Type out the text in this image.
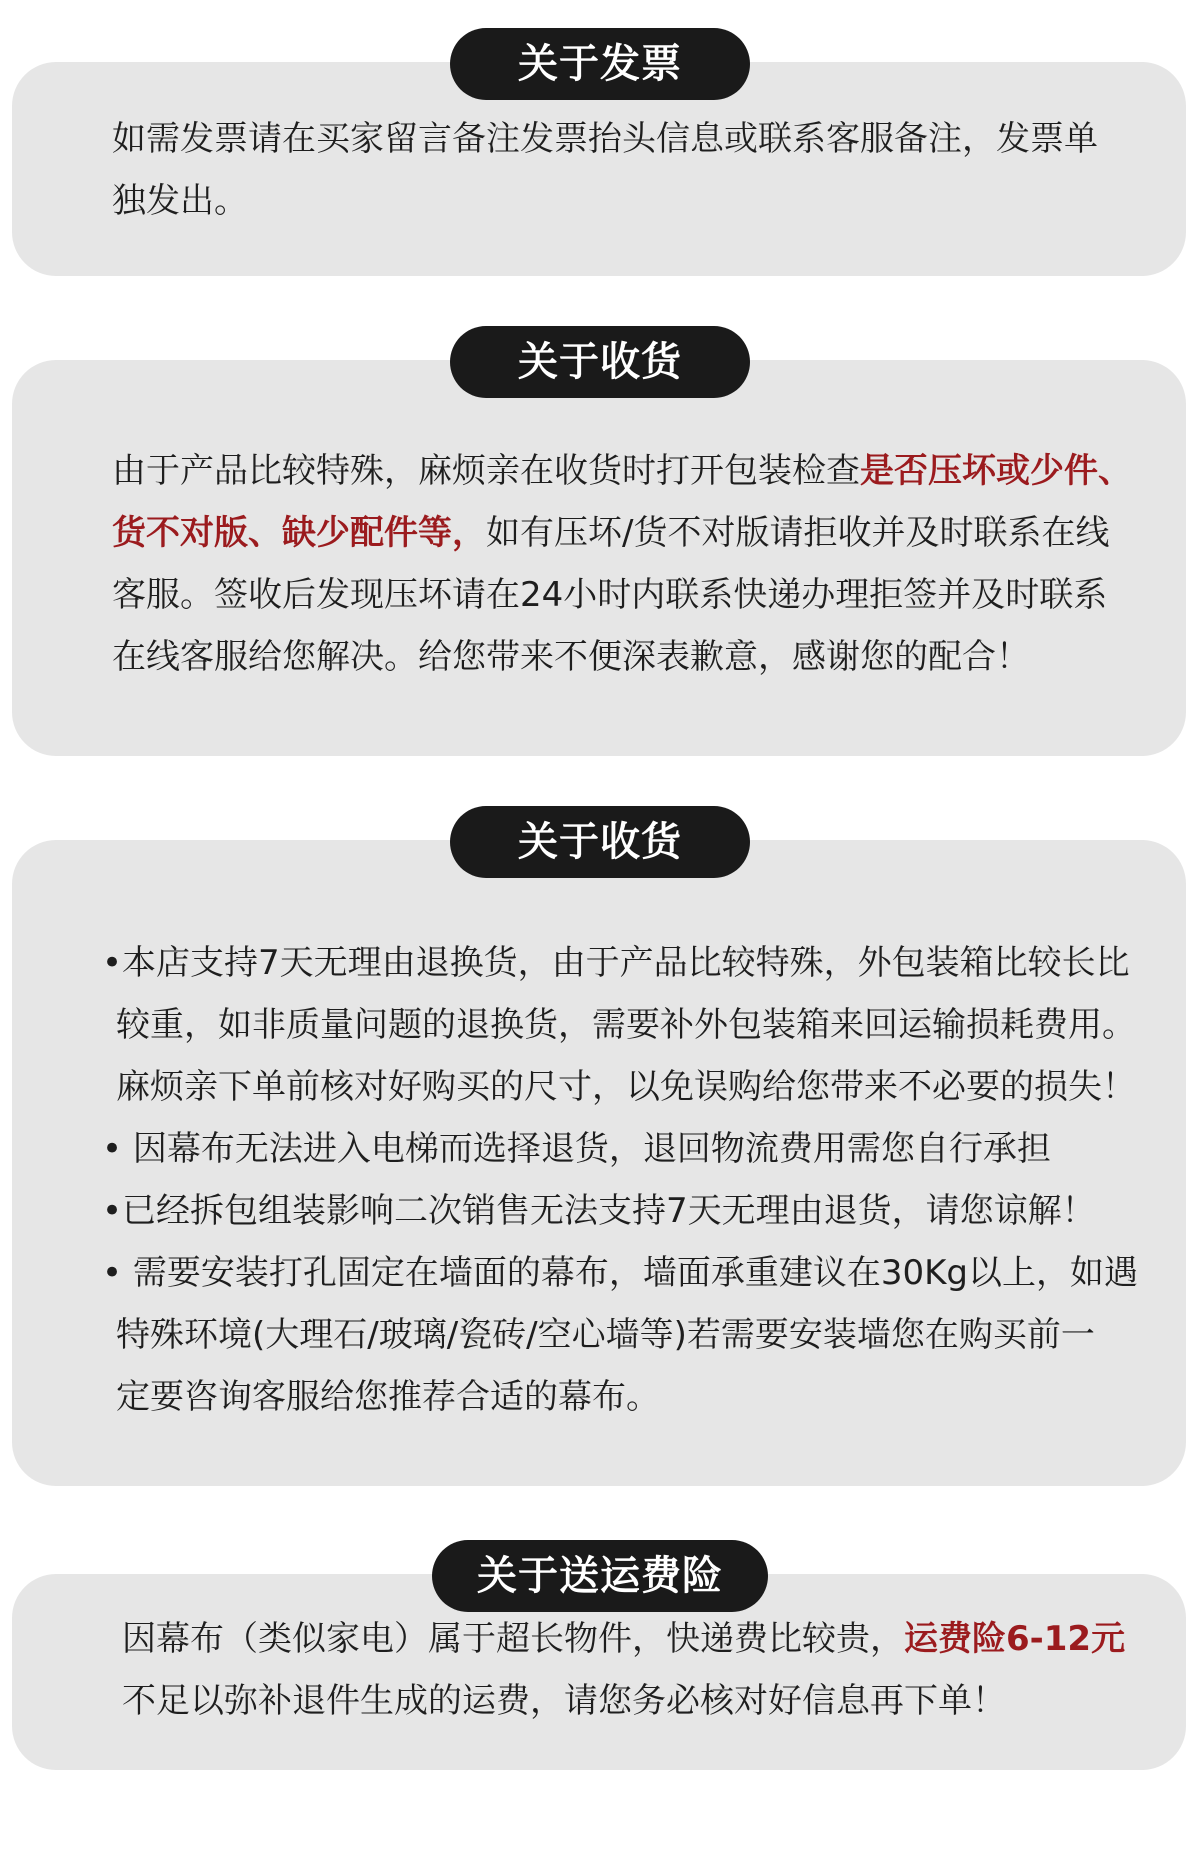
如需发票请在买家留言备注发票抬头信息或联系客服备注，发票单
独发出。

关于发票

由于产品比较特殊，麻烦亲在收货时打开包装检查是否压坏或少件、
货不对版、缺少配件等，如有压坏/货不对版请拒收并及时联系在线
客服。签收后发现压坏请在24小时内联系快递办理拒签并及时联系
在线客服给您解决。给您带来不便深表歉意，感谢您的配合！

关于收货

•本店支持7天无理由退换货，由于产品比较特殊，外包装箱比较长比
较重，如非质量问题的退换货，需要补外包装箱来回运输损耗费用。
麻烦亲下单前核对好购买的尺寸，以免误购给您带来不必要的损失！
• 因幕布无法进入电梯而选择退货，退回物流费用需您自行承担
•已经拆包组装影响二次销售无法支持7天无理由退货，请您谅解！
• 需要安装打孔固定在墙面的幕布，墙面承重建议在30Kg以上，如遇
特殊环境(大理石/玻璃/瓷砖/空心墙等)若需要安装墙您在购买前一
定要咨询客服给您推荐合适的幕布。

关于收货

因幕布（类似家电）属于超长物件，快递费比较贵，运费险6-12元
不足以弥补退件生成的运费，请您务必核对好信息再下单！

关于送运费险
